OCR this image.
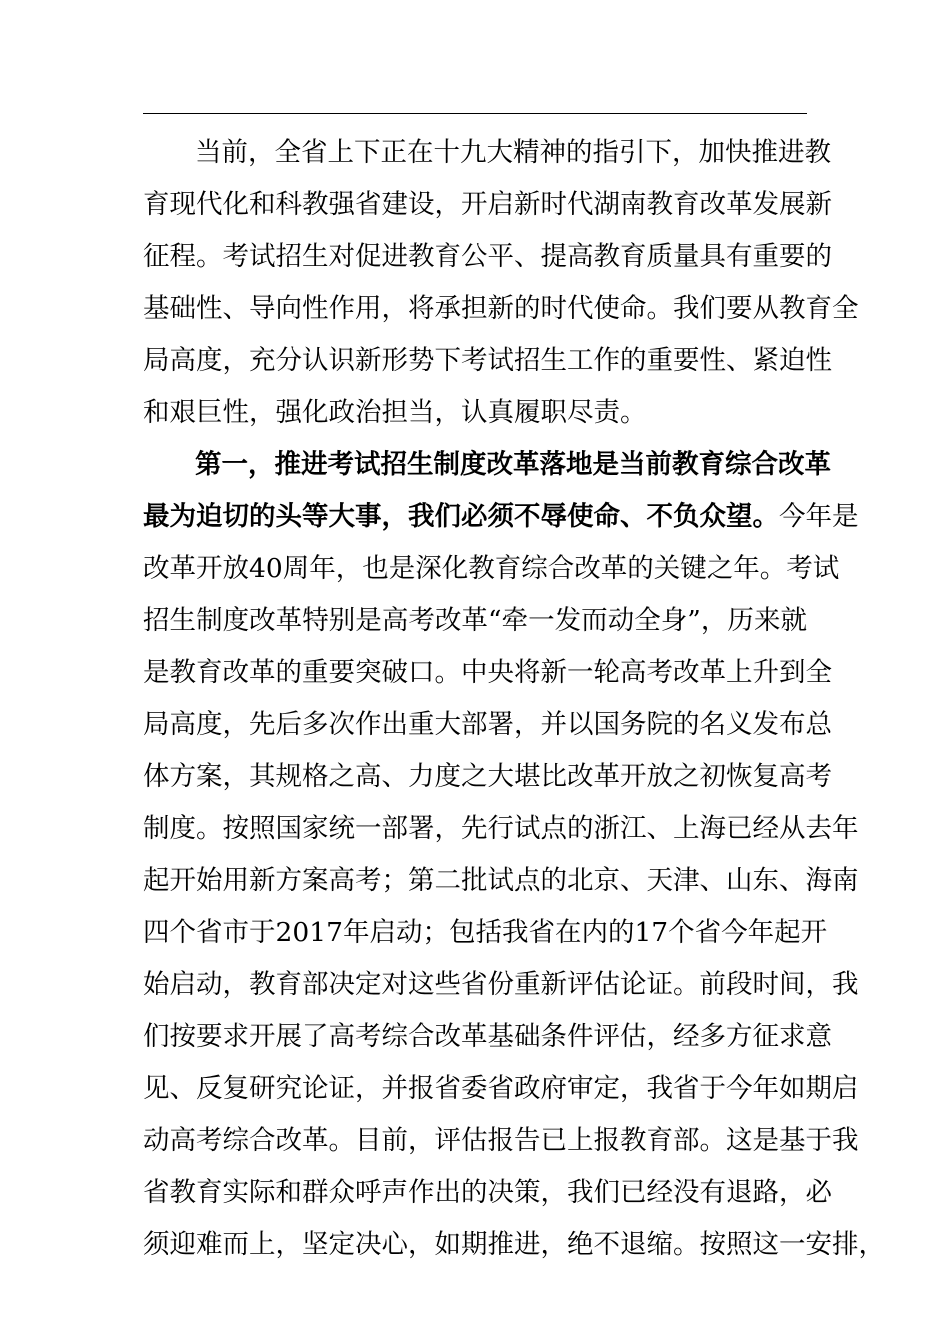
当前，全省上下正在十九大精神的指引下，加快推进教
育现代化和科教强省建设，开启新时代湖南教育改革发展新
征程。考试招生对促进教育公平、提高教育质量具有重要的
基础性、导向性作用，将承担新的时代使命。我们要从教育全
局高度，充分认识新形势下考试招生工作的重要性、紧迫性
和艰巨性，强化政治担当，认真履职尽责。
第一，推进考试招生制度改革落地是当前教育综合改革
最为迫切的头等大事，我们必须不辱使命、不负众望。今年是
改革开放40周年，也是深化教育综合改革的关键之年。考试
招生制度改革特别是高考改革“牵一发而动全身”，历来就
是教育改革的重要突破口。中央将新一轮高考改革上升到全
局高度，先后多次作出重大部署，并以国务院的名义发布总
体方案，其规格之高、力度之大堪比改革开放之初恢复高考
制度。按照国家统一部署，先行试点的浙江、上海已经从去年
起开始用新方案高考；第二批试点的北京、天津、山东、海南
四个省市于2017年启动；包括我省在内的17个省今年起开
始启动，教育部决定对这些省份重新评估论证。前段时间，我
们按要求开展了高考综合改革基础条件评估，经多方征求意
见、反复研究论证，并报省委省政府审定，我省于今年如期启
动高考综合改革。目前，评估报告已上报教育部。这是基于我
省教育实际和群众呼声作出的决策，我们已经没有退路，必
须迎难而上，坚定决心，如期推进，绝不退缩。按照这一安排，
